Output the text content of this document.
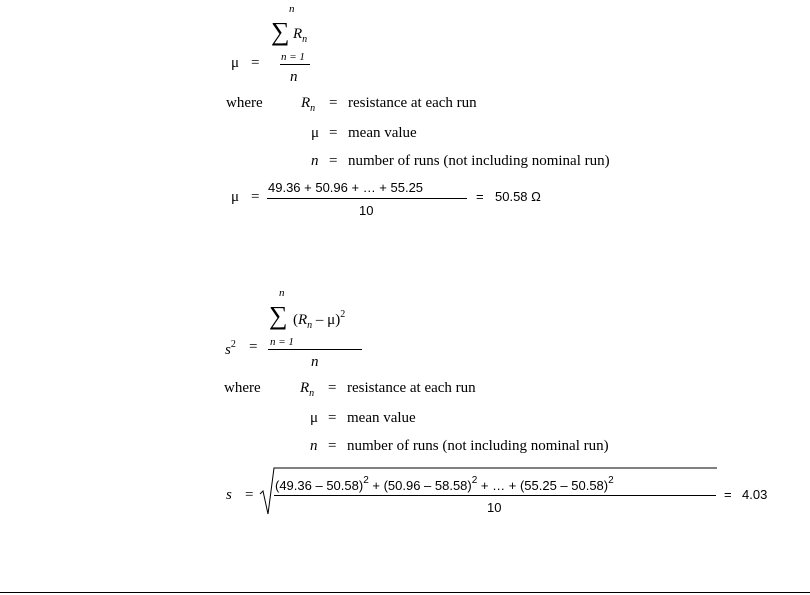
n
∑ $R_n$
n = 1
n
μ =
where	$R_n$ = resistance at each run
μ = mean value
n = number of runs (not including nominal run)
μ =
49.36 + 50.96 + … + 55.25
10
= 50.58 Ω
n
∑ $(R_n - \mu)^2$
n = 1
n
$s^2$ =
where	$R_n$ = resistance at each run
μ = mean value
n = number of runs (not including nominal run)
s =
(49.36 – 50.58)$^2$ + (50.96 – 58.58)$^2$ + … + (55.25 – 50.58)$^2$
10
= 4.03
